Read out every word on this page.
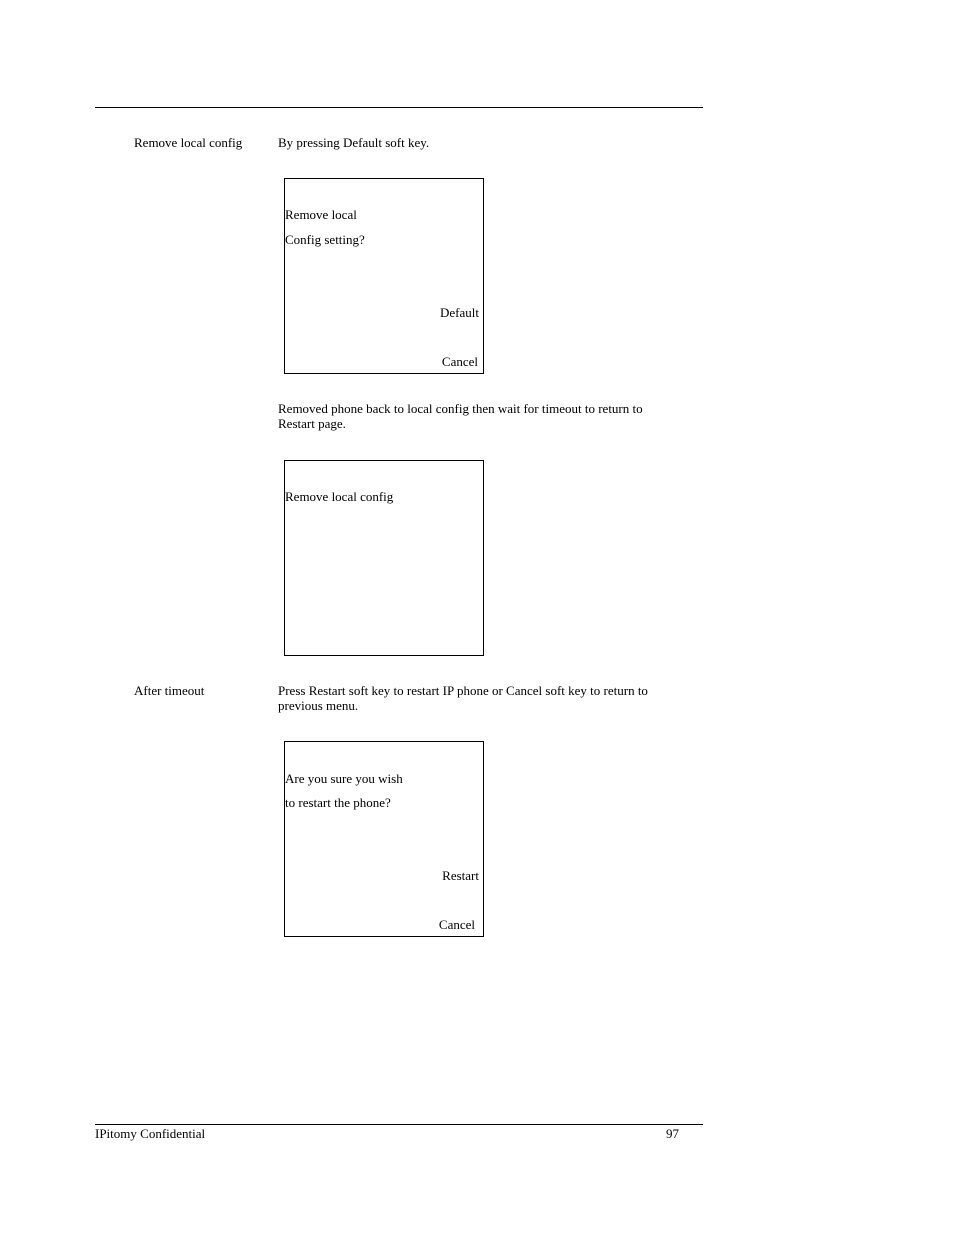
Remove local config	By pressing Default soft key.
Remove local
Config setting?
Default
Cancel
Removed phone back to local config then wait for timeout to return to Restart page.
Remove local config
After timeout	Press Restart soft key to restart IP phone or Cancel soft key to return to previous menu.
Are you sure you wish
to restart the phone?
Restart
Cancel
IPitomy Confidential	97
